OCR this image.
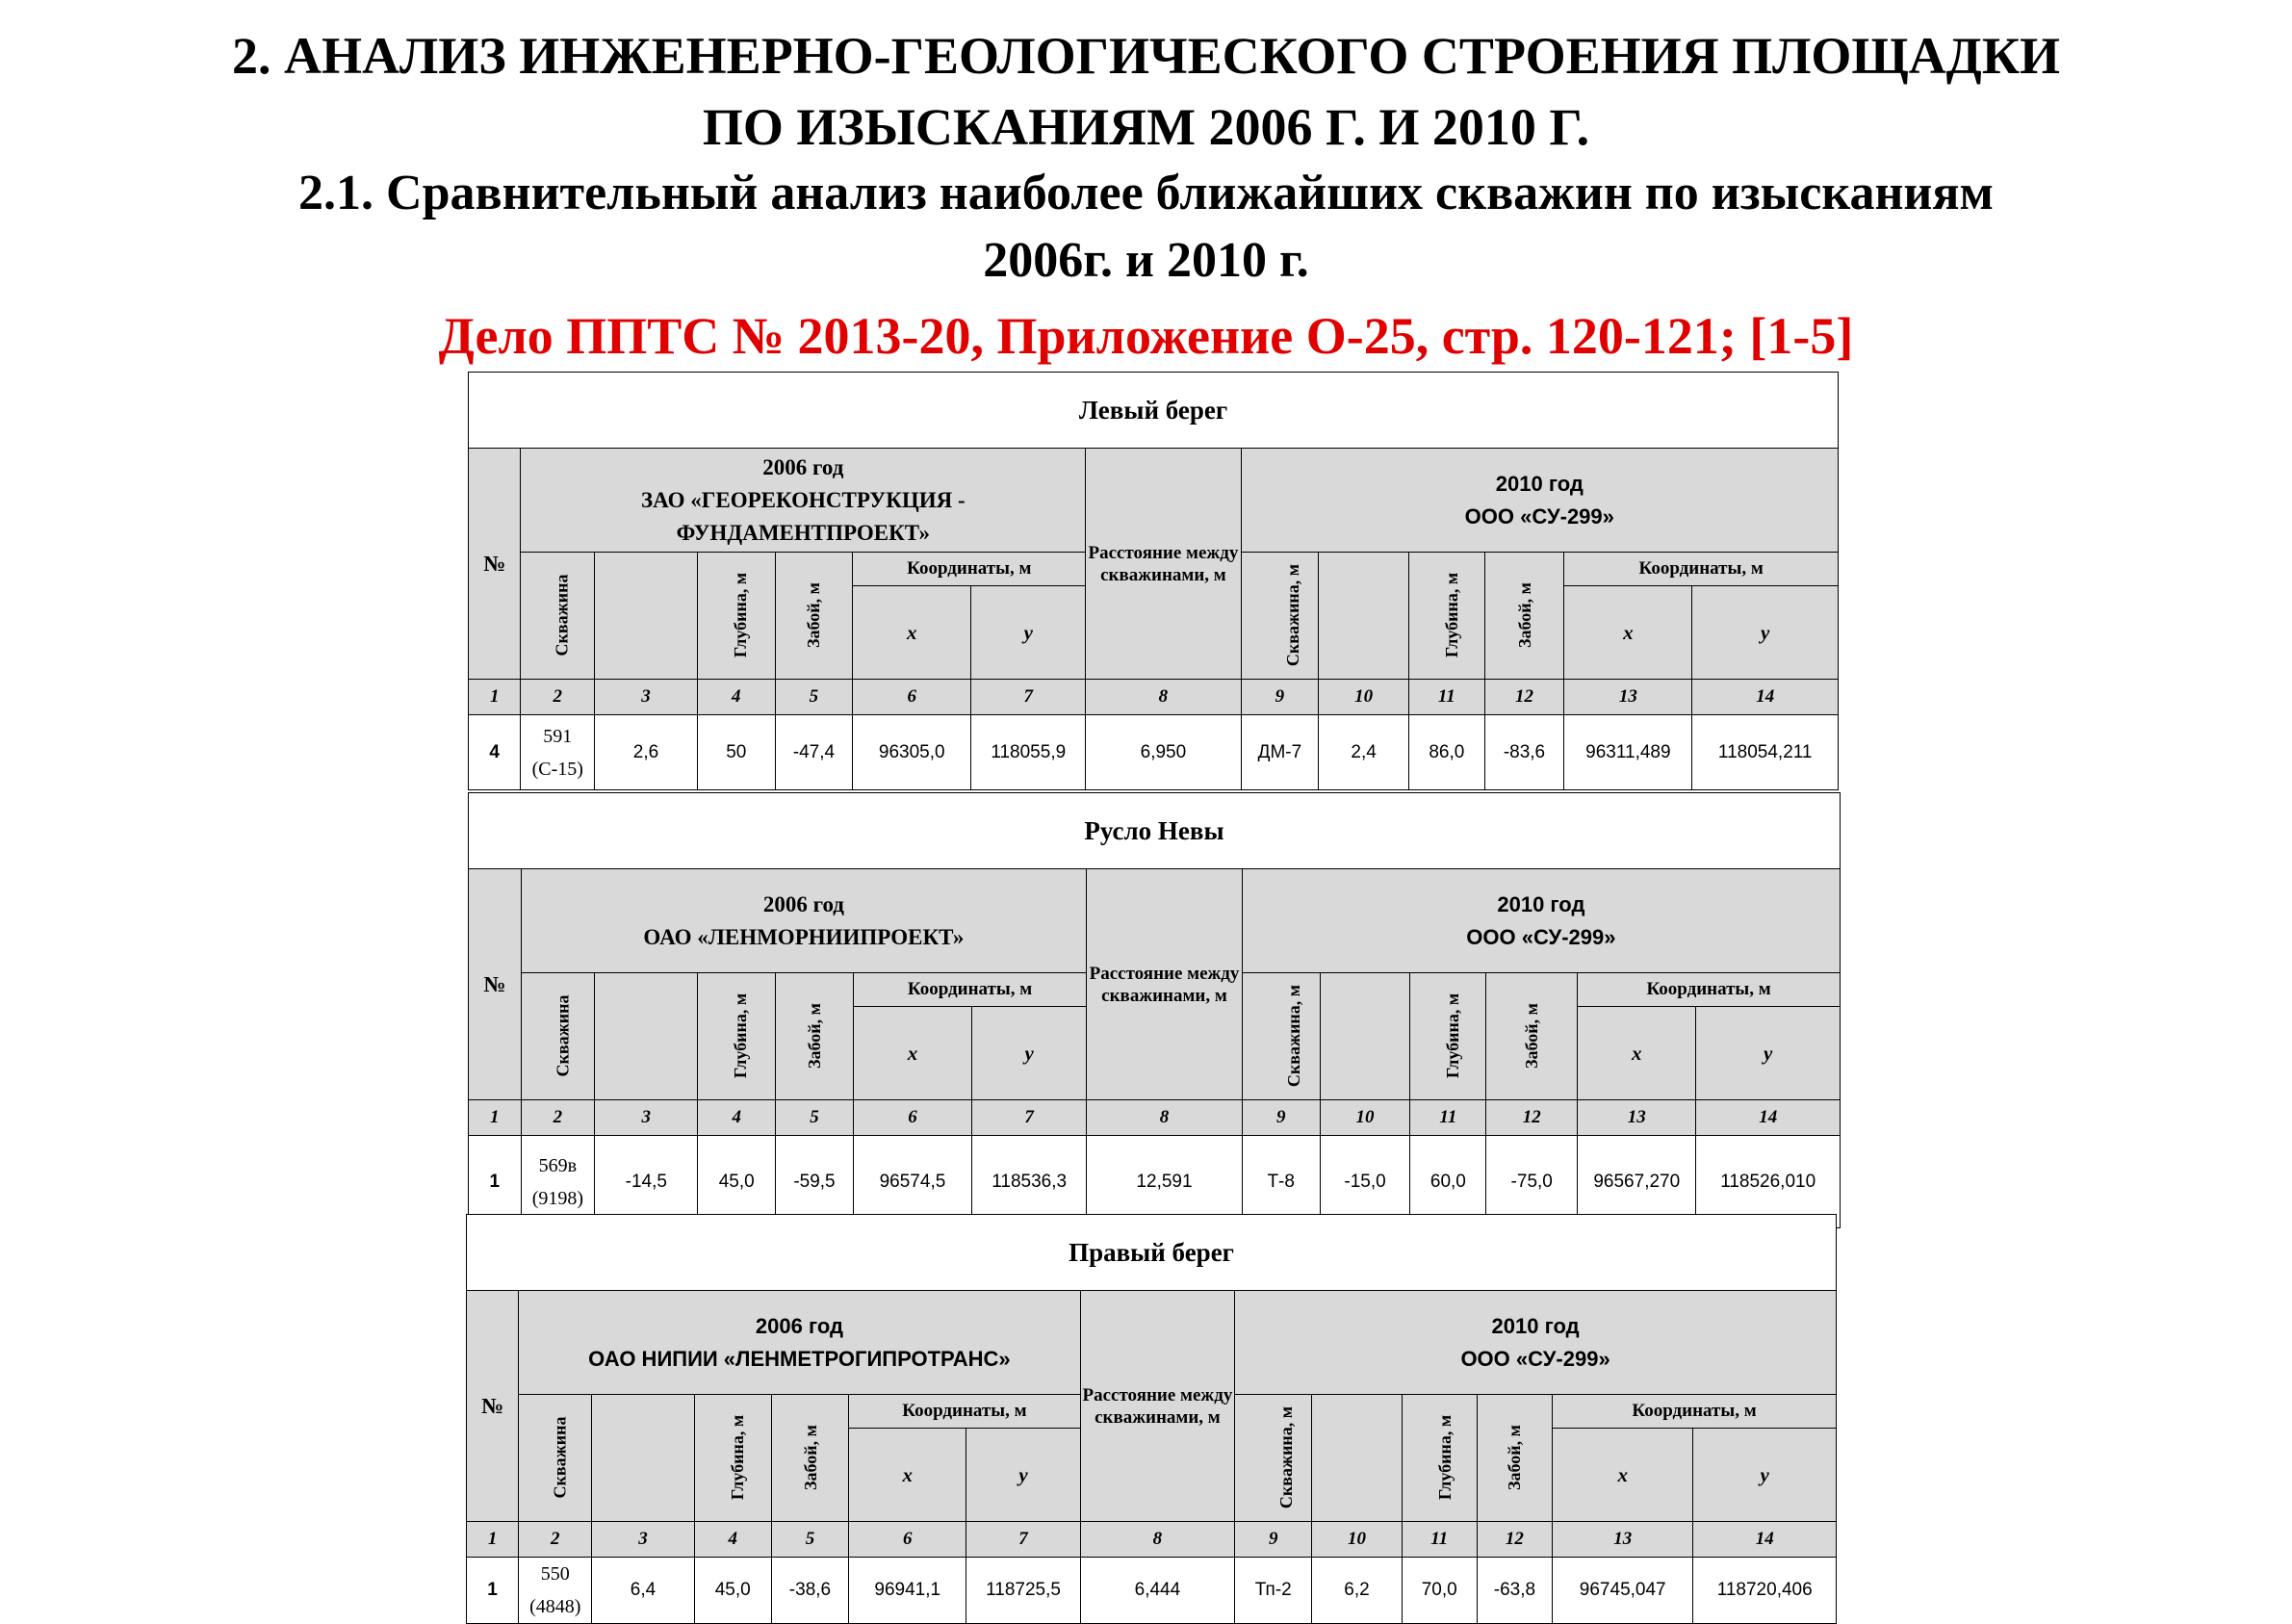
2. АНАЛИЗ ИНЖЕНЕРНО-ГЕОЛОГИЧЕСКОГО СТРОЕНИЯ ПЛОЩАДКИ
ПО ИЗЫСКАНИЯМ 2006 Г. И 2010 Г.
2.1. Сравнительный анализ наиболее ближайших скважин по изысканиям
2006г. и 2010 г.
Дело ППТС № 2013-20, Приложение О-25, стр. 120-121; [1-5]
Левый берег													
№	2006 год
ЗАО «ГЕОРЕКОНСТРУКЦИЯ -
ФУНДАМЕНТПРОЕКТ»						Расстояние между скважинами, м	2010 год
ООО «СУ-299»					
	Скважина		Глубина, м	Забой, м	Координаты, м			Скважина, м		Глубина, м	Забой, м	Координаты, м	
					x	y						x	y
1	2	3	4	5	6	7	8	9	10	11	12	13	14
4	591
(С-15)	2,6	50	-47,4	96305,0	118055,9	6,950	ДМ-7	2,4	86,0	-83,6	96311,489	118054,211
Русло Невы													
№	2006 год
ОАО «ЛЕНМОРНИИПРОЕКТ»						Расстояние между скважинами, м	2010 год
ООО «СУ-299»					
	Скважина		Глубина, м	Забой, м	Координаты, м			Скважина, м		Глубина, м	Забой, м	Координаты, м	
					x	y						x	y
1	2	3	4	5	6	7	8	9	10	11	12	13	14
1	569в
(9198)	-14,5	45,0	-59,5	96574,5	118536,3	12,591	Т-8	-15,0	60,0	-75,0	96567,270	118526,010
Правый берег													
№	2006 год
ОАО НИПИИ «ЛЕНМЕТРОГИПРОТРАНС»						Расстояние между скважинами, м	2010 год
ООО «СУ-299»					
	Скважина		Глубина, м	Забой, м	Координаты, м			Скважина, м		Глубина, м	Забой, м	Координаты, м	
					x	y						x	y
1	2	3	4	5	6	7	8	9	10	11	12	13	14
1	550
(4848)	6,4	45,0	-38,6	96941,1	118725,5	6,444	Тп-2	6,2	70,0	-63,8	96745,047	118720,406
